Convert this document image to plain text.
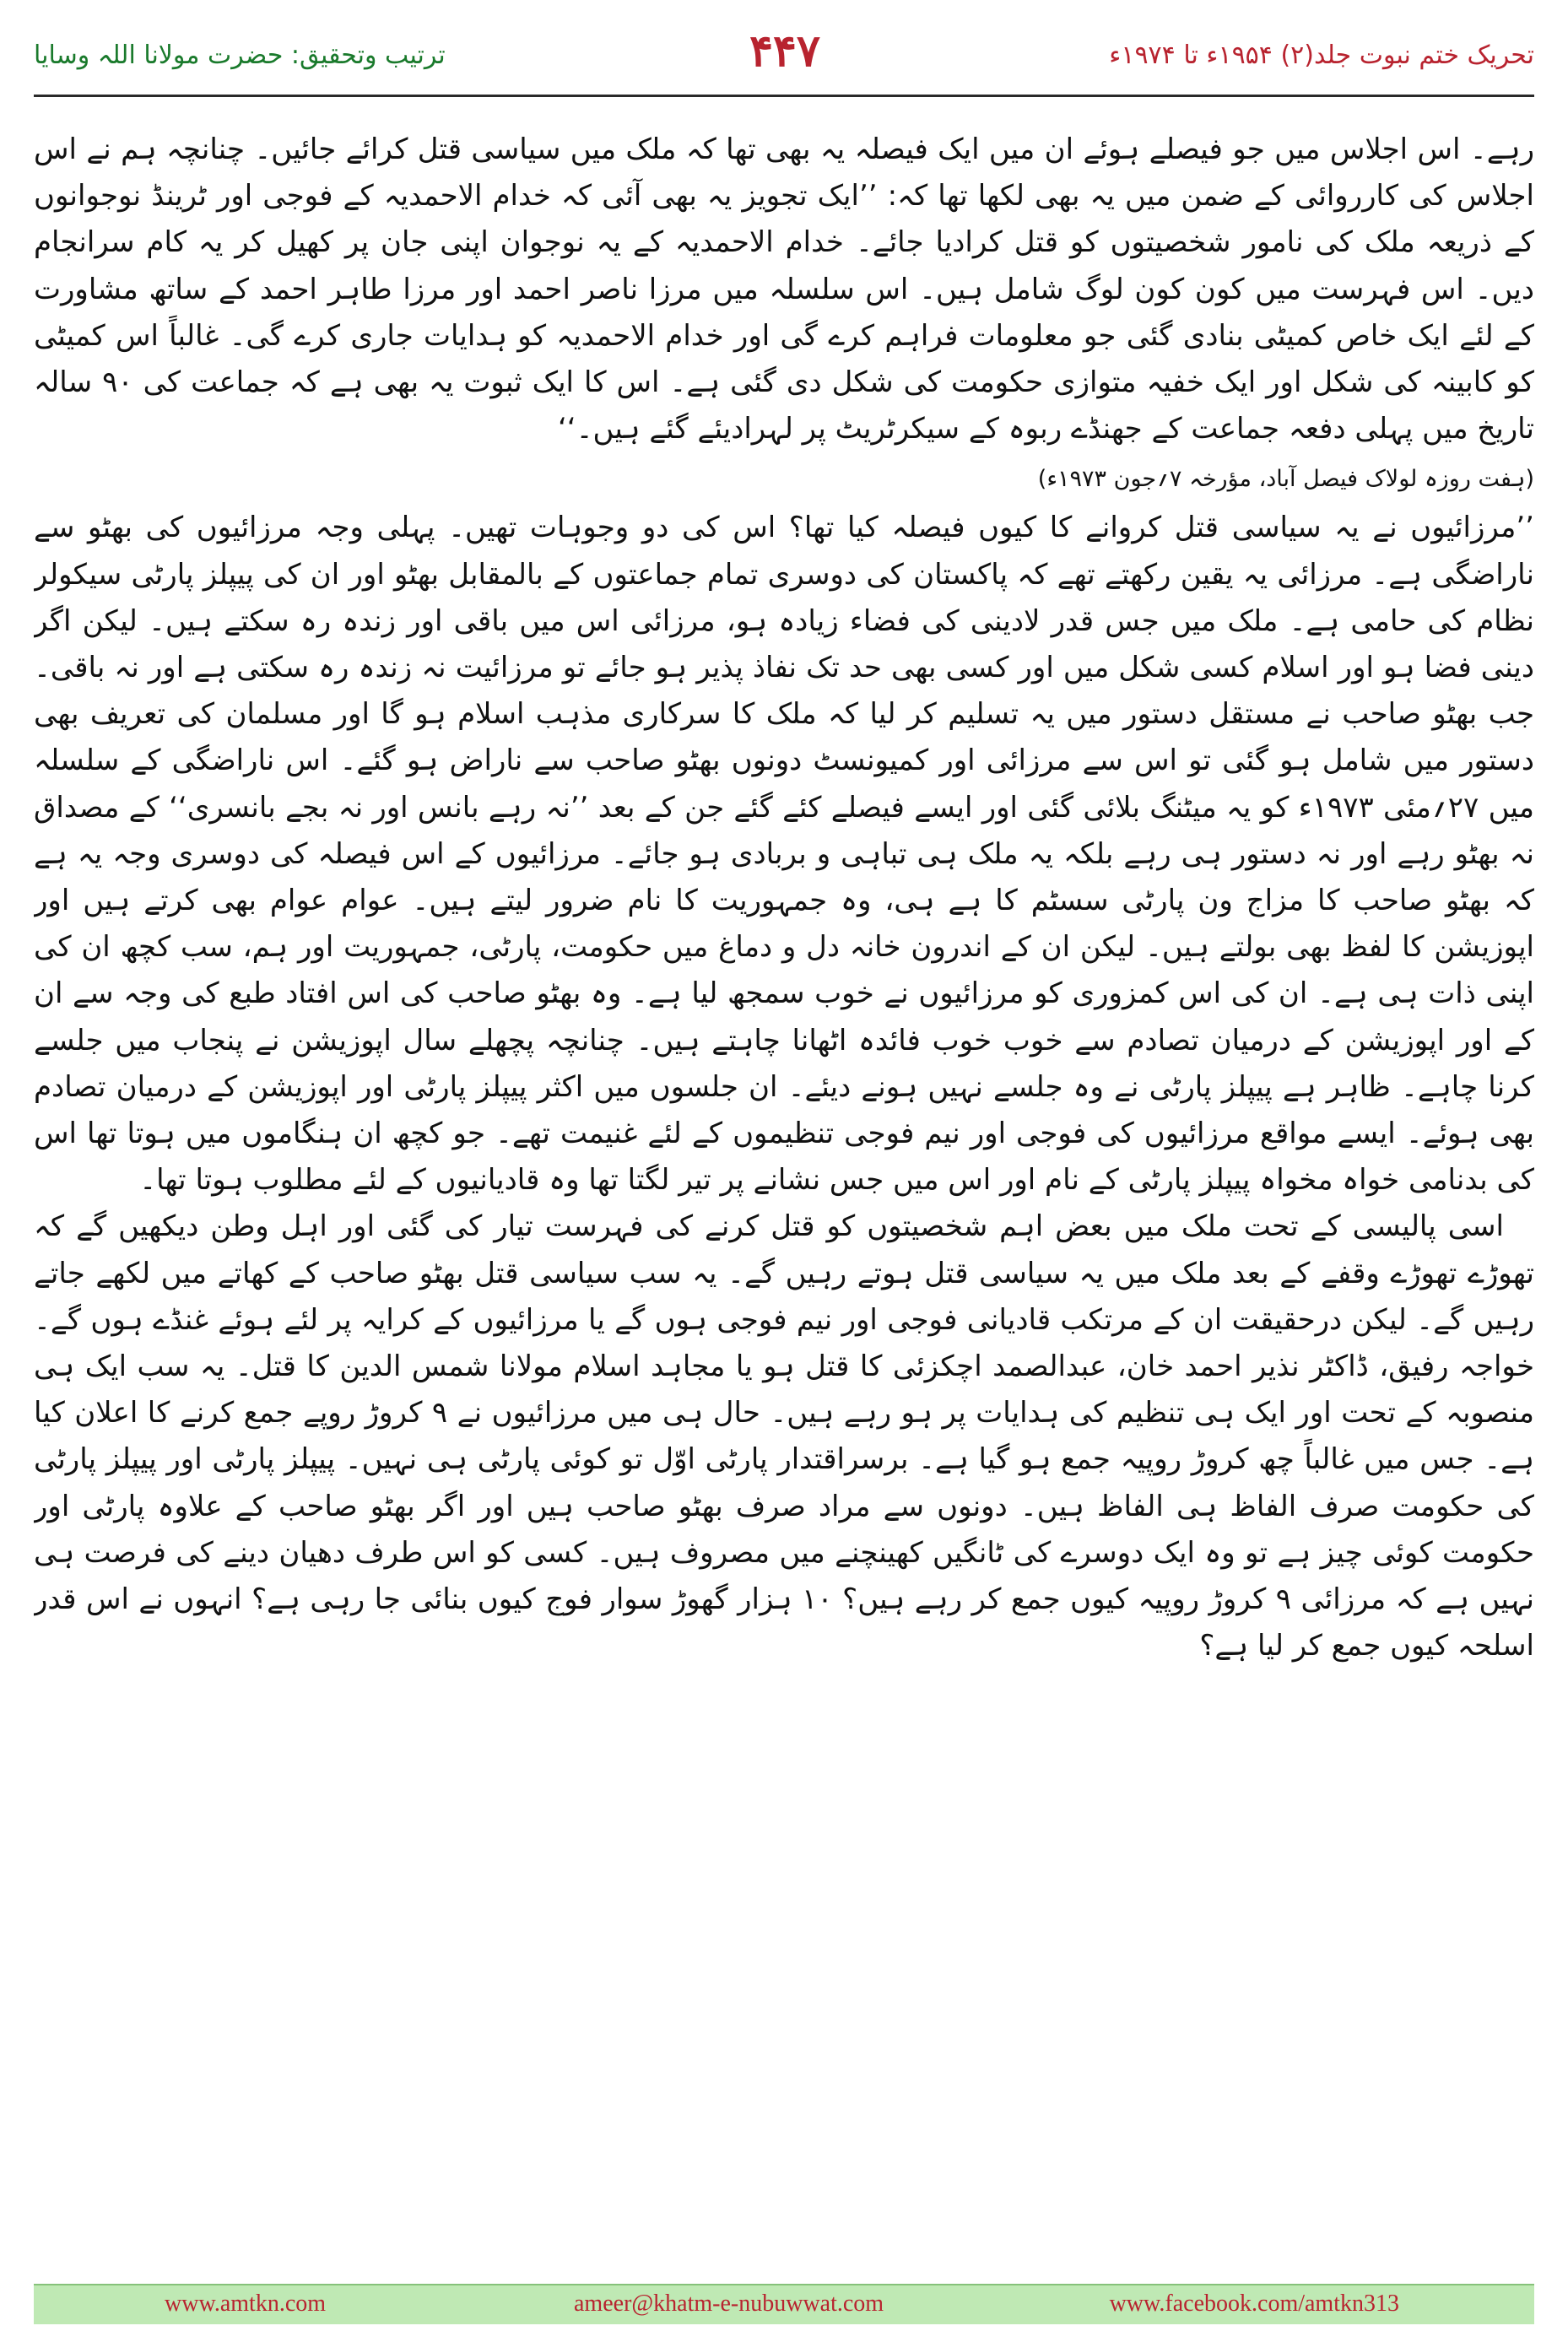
ترتیب وتحقیق: حضرت مولانا اللہ وسایا	۴۴۷	تحریک ختم نبوت جلد(۲) ۱۹۵۴ء تا ۱۹۷۴ء

رہے۔ اس اجلاس میں جو فیصلے ہوئے ان میں ایک فیصلہ یہ بھی تھا کہ ملک میں سیاسی قتل کرائے جائیں۔ چنانچہ ہم نے اس اجلاس کی کارروائی کے ضمن میں یہ بھی لکھا تھا کہ: ’’ایک تجویز یہ بھی آئی کہ خدام الاحمدیہ کے فوجی اور ٹرینڈ نوجوانوں کے ذریعہ ملک کی نامور شخصیتوں کو قتل کرادیا جائے۔ خدام الاحمدیہ کے یہ نوجوان اپنی جان پر کھیل کر یہ کام سرانجام دیں۔ اس فہرست میں کون کون لوگ شامل ہیں۔ اس سلسلہ میں مرزا ناصر احمد اور مرزا طاہر احمد کے ساتھ مشاورت کے لئے ایک خاص کمیٹی بنادی گئی جو معلومات فراہم کرے گی اور خدام الاحمدیہ کو ہدایات جاری کرے گی۔ غالباً اس کمیٹی کو کابینہ کی شکل اور ایک خفیہ متوازی حکومت کی شکل دی گئی ہے۔ اس کا ایک ثبوت یہ بھی ہے کہ جماعت کی ۹۰ سالہ تاریخ میں پہلی دفعہ جماعت کے جھنڈے ربوہ کے سیکرٹریٹ پر لہرادیئے گئے ہیں۔‘‘

(ہفت روزہ لولاک فیصل آباد، مؤرخہ ۷؍جون ۱۹۷۳ء)

’’مرزائیوں نے یہ سیاسی قتل کروانے کا کیوں فیصلہ کیا تھا؟ اس کی دو وجوہات تھیں۔ پہلی وجہ مرزائیوں کی بھٹو سے ناراضگی ہے۔ مرزائی یہ یقین رکھتے تھے کہ پاکستان کی دوسری تمام جماعتوں کے بالمقابل بھٹو اور ان کی پیپلز پارٹی سیکولر نظام کی حامی ہے۔ ملک میں جس قدر لادینی کی فضاء زیادہ ہو، مرزائی اس میں باقی اور زندہ رہ سکتے ہیں۔ لیکن اگر دینی فضا ہو اور اسلام کسی شکل میں اور کسی بھی حد تک نفاذ پذیر ہو جائے تو مرزائیت نہ زندہ رہ سکتی ہے اور نہ باقی۔ جب بھٹو صاحب نے مستقل دستور میں یہ تسلیم کر لیا کہ ملک کا سرکاری مذہب اسلام ہو گا اور مسلمان کی تعریف بھی دستور میں شامل ہو گئی تو اس سے مرزائی اور کمیونسٹ دونوں بھٹو صاحب سے ناراض ہو گئے۔ اس ناراضگی کے سلسلہ میں ۲۷؍مئی ۱۹۷۳ء کو یہ میٹنگ بلائی گئی اور ایسے فیصلے کئے گئے جن کے بعد ’’نہ رہے بانس اور نہ بجے بانسری‘‘ کے مصداق نہ بھٹو رہے اور نہ دستور ہی رہے بلکہ یہ ملک ہی تباہی و بربادی ہو جائے۔ مرزائیوں کے اس فیصلہ کی دوسری وجہ یہ ہے کہ بھٹو صاحب کا مزاج ون پارٹی سسٹم کا ہے ہی، وہ جمہوریت کا نام ضرور لیتے ہیں۔ عوام عوام بھی کرتے ہیں اور اپوزیشن کا لفظ بھی بولتے ہیں۔ لیکن ان کے اندرون خانہ دل و دماغ میں حکومت، پارٹی، جمہوریت اور ہم، سب کچھ ان کی اپنی ذات ہی ہے۔ ان کی اس کمزوری کو مرزائیوں نے خوب سمجھ لیا ہے۔ وہ بھٹو صاحب کی اس افتاد طبع کی وجہ سے ان کے اور اپوزیشن کے درمیان تصادم سے خوب خوب فائدہ اٹھانا چاہتے ہیں۔ چنانچہ پچھلے سال اپوزیشن نے پنجاب میں جلسے کرنا چاہے۔ ظاہر ہے پیپلز پارٹی نے وہ جلسے نہیں ہونے دیئے۔ ان جلسوں میں اکثر پیپلز پارٹی اور اپوزیشن کے درمیان تصادم بھی ہوئے۔ ایسے مواقع مرزائیوں کی فوجی اور نیم فوجی تنظیموں کے لئے غنیمت تھے۔ جو کچھ ان ہنگاموں میں ہوتا تھا اس کی بدنامی خواہ مخواہ پیپلز پارٹی کے نام اور اس میں جس نشانے پر تیر لگتا تھا وہ قادیانیوں کے لئے مطلوب ہوتا تھا۔

اسی پالیسی کے تحت ملک میں بعض اہم شخصیتوں کو قتل کرنے کی فہرست تیار کی گئی اور اہل وطن دیکھیں گے کہ تھوڑے تھوڑے وقفے کے بعد ملک میں یہ سیاسی قتل ہوتے رہیں گے۔ یہ سب سیاسی قتل بھٹو صاحب کے کھاتے میں لکھے جاتے رہیں گے۔ لیکن درحقیقت ان کے مرتکب قادیانی فوجی اور نیم فوجی ہوں گے یا مرزائیوں کے کرایہ پر لئے ہوئے غنڈے ہوں گے۔ خواجہ رفیق، ڈاکٹر نذیر احمد خان، عبدالصمد اچکزئی کا قتل ہو یا مجاہد اسلام مولانا شمس الدین کا قتل۔ یہ سب ایک ہی منصوبہ کے تحت اور ایک ہی تنظیم کی ہدایات پر ہو رہے ہیں۔ حال ہی میں مرزائیوں نے ۹ کروڑ روپے جمع کرنے کا اعلان کیا ہے۔ جس میں غالباً چھ کروڑ روپیہ جمع ہو گیا ہے۔ برسراقتدار پارٹی اوّل تو کوئی پارٹی ہی نہیں۔ پیپلز پارٹی اور پیپلز پارٹی کی حکومت صرف الفاظ ہی الفاظ ہیں۔ دونوں سے مراد صرف بھٹو صاحب ہیں اور اگر بھٹو صاحب کے علاوہ پارٹی اور حکومت کوئی چیز ہے تو وہ ایک دوسرے کی ٹانگیں کھینچنے میں مصروف ہیں۔ کسی کو اس طرف دھیان دینے کی فرصت ہی نہیں ہے کہ مرزائی ۹ کروڑ روپیہ کیوں جمع کر رہے ہیں؟ ۱۰ ہزار گھوڑ سوار فوج کیوں بنائی جا رہی ہے؟ انہوں نے اس قدر اسلحہ کیوں جمع کر لیا ہے؟

www.amtkn.com	ameer@khatm-e-nubuwwat.com	www.facebook.com/amtkn313
